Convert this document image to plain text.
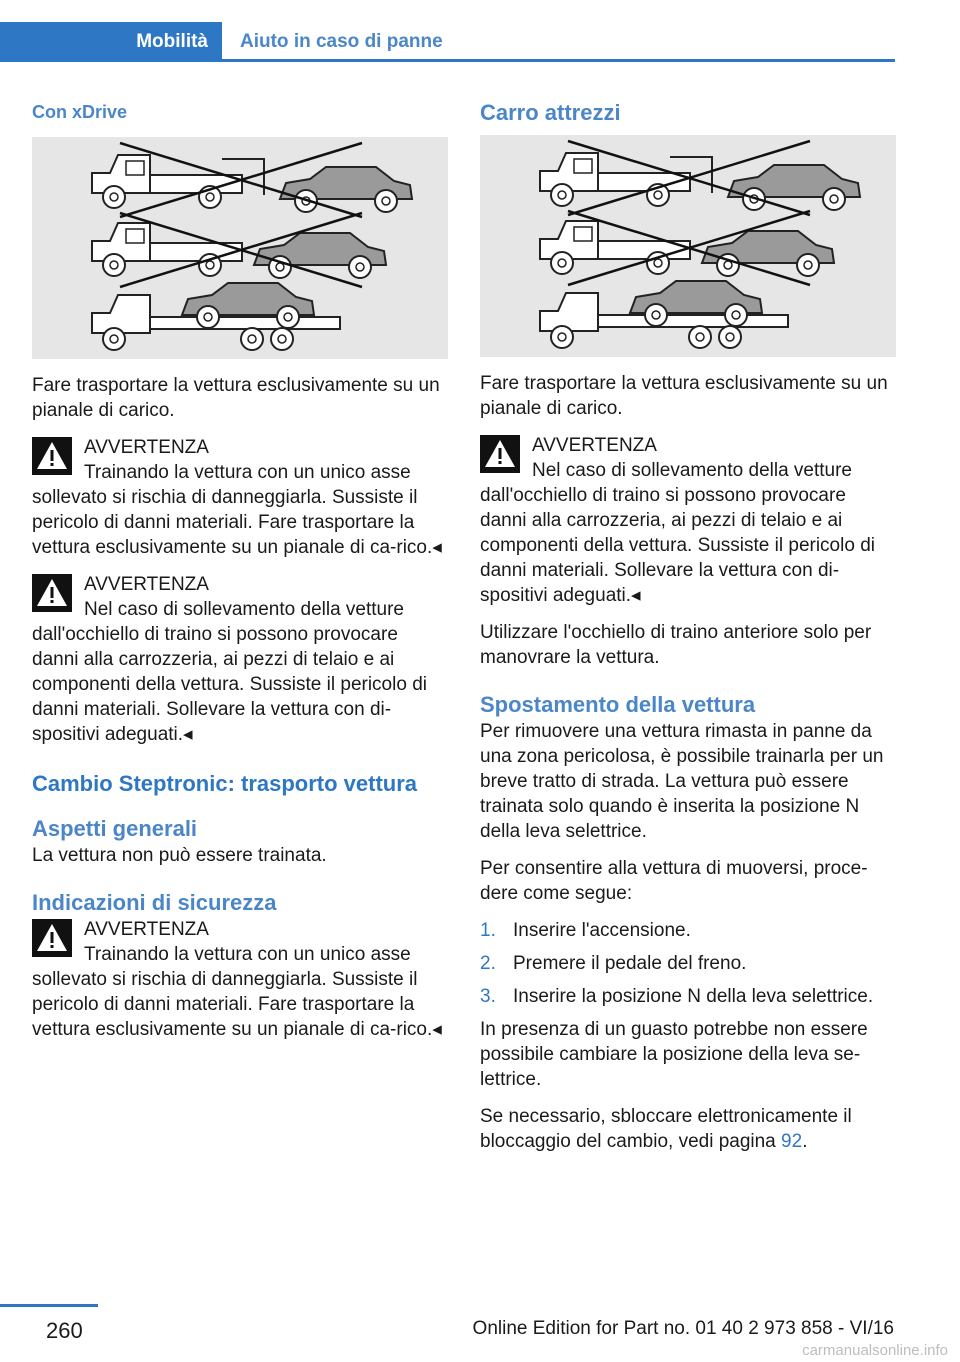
Mobilità	Aiuto in caso di panne
Con xDrive

Fare trasportare la vettura esclusivamente su un pianale di carico.

AVVERTENZA
Trainando la vettura con un unico asse sollevato si rischia di danneggiarla. Sussiste il pericolo di danni materiali. Fare trasportare la vettura esclusivamente su un pianale di ca-rico.◂
AVVERTENZA
Nel caso di sollevamento della vetture dall'occhiello di traino si possono provocare danni alla carrozzeria, ai pezzi di telaio e ai componenti della vettura. Sussiste il pericolo di danni materiali. Sollevare la vettura con di-spositivi adeguati.◂
Cambio Steptronic: trasporto vettura
Aspetti generali

La vettura non può essere trainata.

Indicazioni di sicurezza
AVVERTENZA
Trainando la vettura con un unico asse sollevato si rischia di danneggiarla. Sussiste il pericolo di danni materiali. Fare trasportare la vettura esclusivamente su un pianale di ca-rico.◂
Carro attrezzi

Fare trasportare la vettura esclusivamente su un pianale di carico.

AVVERTENZA
Nel caso di sollevamento della vetture dall'occhiello di traino si possono provocare danni alla carrozzeria, ai pezzi di telaio e ai componenti della vettura. Sussiste il pericolo di danni materiali. Sollevare la vettura con di-spositivi adeguati.◂

Utilizzare l'occhiello di traino anteriore solo per manovrare la vettura.

Spostamento della vettura

Per rimuovere una vettura rimasta in panne da una zona pericolosa, è possibile trainarla per un breve tratto di strada. La vettura può essere trainata solo quando è inserita la posizione N della leva selettrice.

Per consentire alla vettura di muoversi, proce-dere come segue:

1. Inserire l'accensione.
2. Premere il pedale del freno.
3. Inserire la posizione N della leva selettrice.

In presenza di un guasto potrebbe non essere possibile cambiare la posizione della leva se-lettrice.

Se necessario, sbloccare elettronicamente il bloccaggio del cambio, vedi pagina 92.

260	Online Edition for Part no. 01 40 2 973 858 - VI/16
carmanualsonline.info
